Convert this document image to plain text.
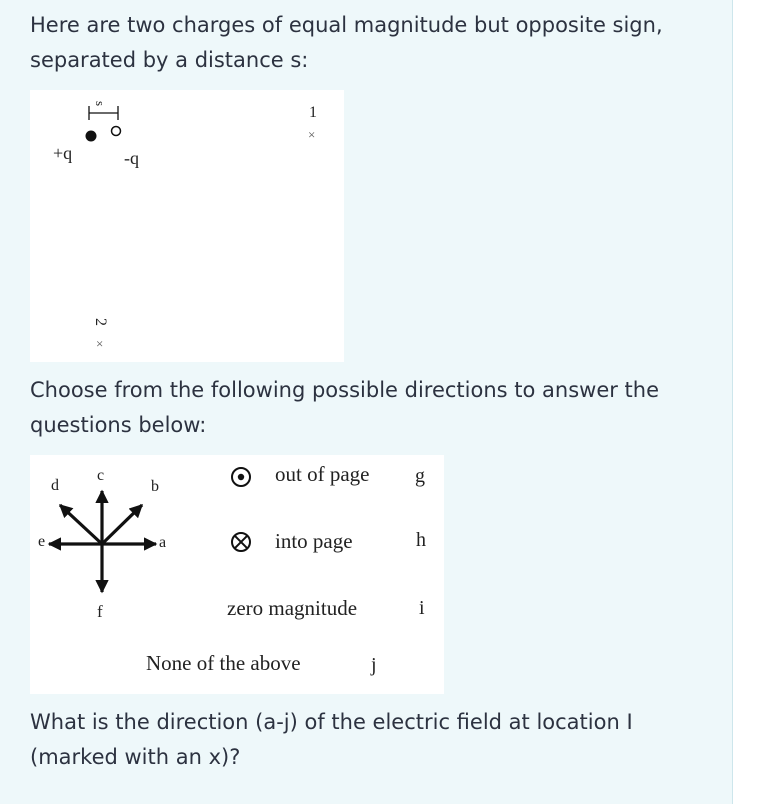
Here are two charges of equal magnitude but opposite sign, separated by a distance s:

s
+q	-q
1
×
2
×

Choose from the following possible directions to answer the questions below:

a
b
c
d
e
f
out of page g
into page	h
zero magnitude	i
None of the above	j

What is the direction (a-j) of the electric field at location I (marked with an x)?
